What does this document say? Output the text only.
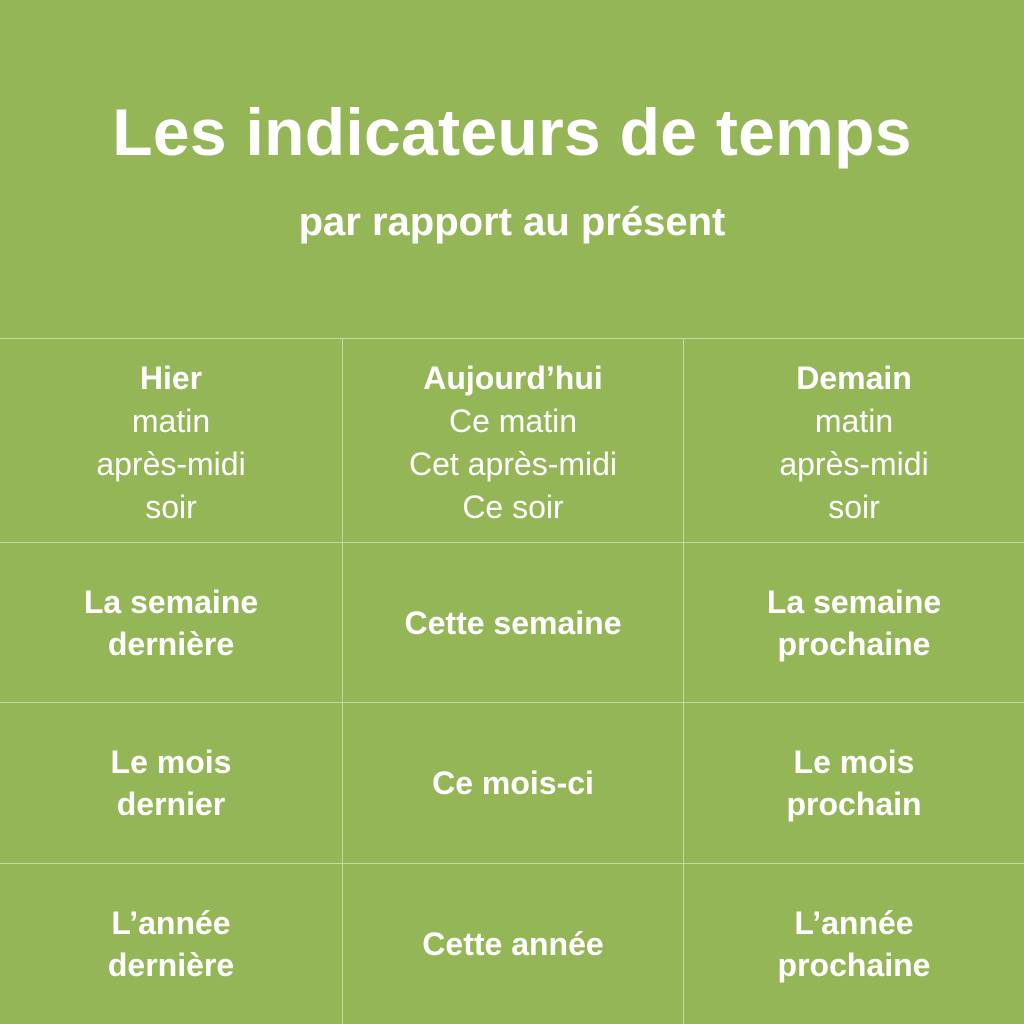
Les indicateurs de temps
par rapport au présent
Hier
matin
après-midi
soir
Aujourd’hui
Ce matin
Cet après-midi
Ce soir
Demain
matin
après-midi
soir
La semaine
dernière
Cette semaine
La semaine
prochaine
Le mois
dernier
Ce mois-ci
Le mois
prochain
L’année
dernière
Cette année
L’année
prochaine
